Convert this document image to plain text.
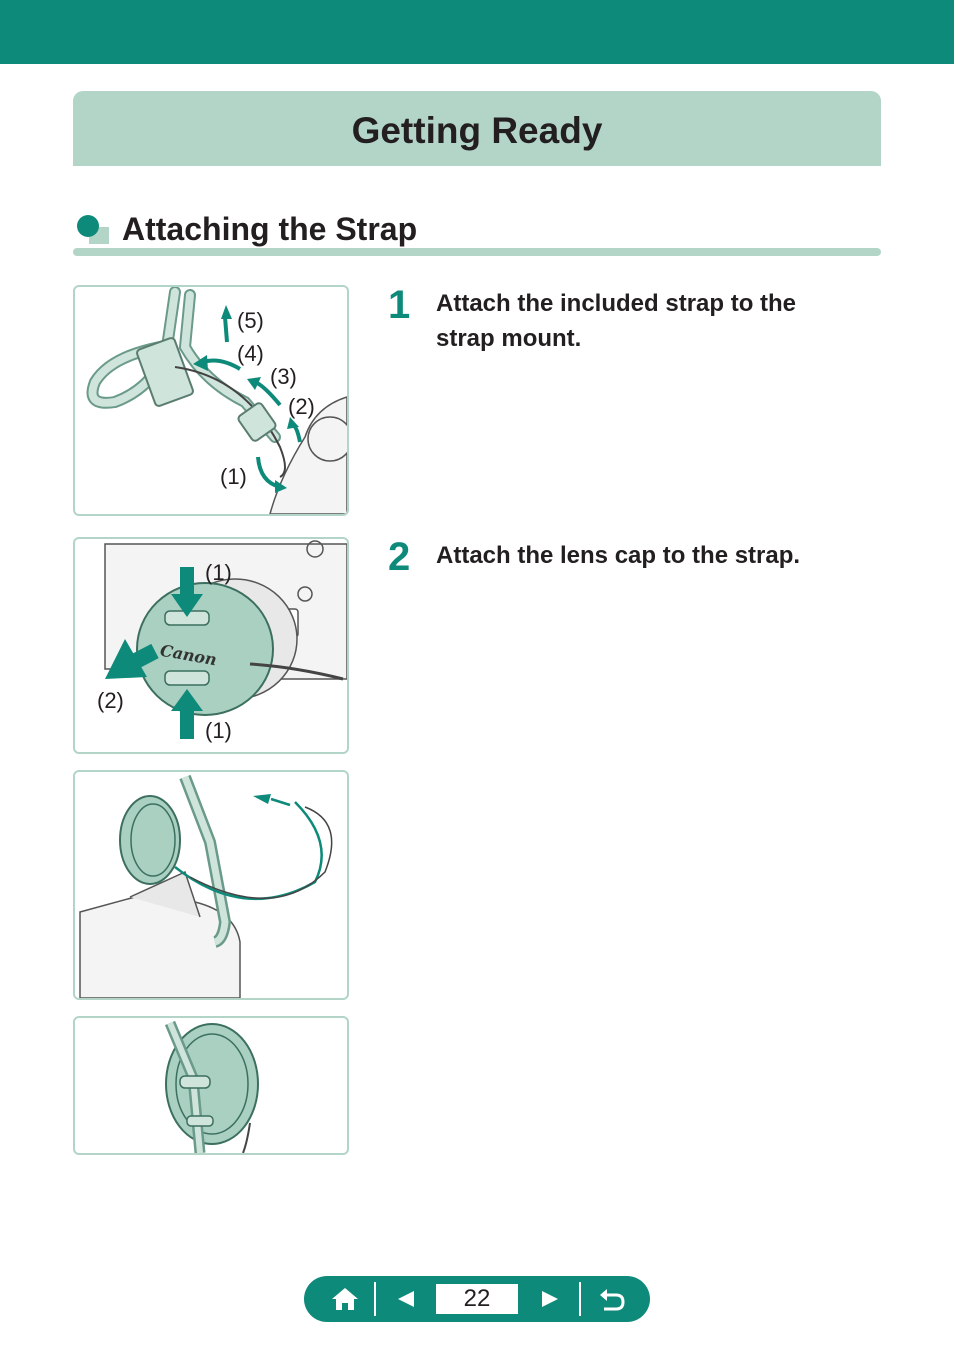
Getting Ready
Attaching the Strap
(5)
(4)
(3)
(2)
(1)
Canon
(1)
(2)
(1)
1 Attach the included strap to the
strap mount.

2 Attach the lens cap to the strap.

22
